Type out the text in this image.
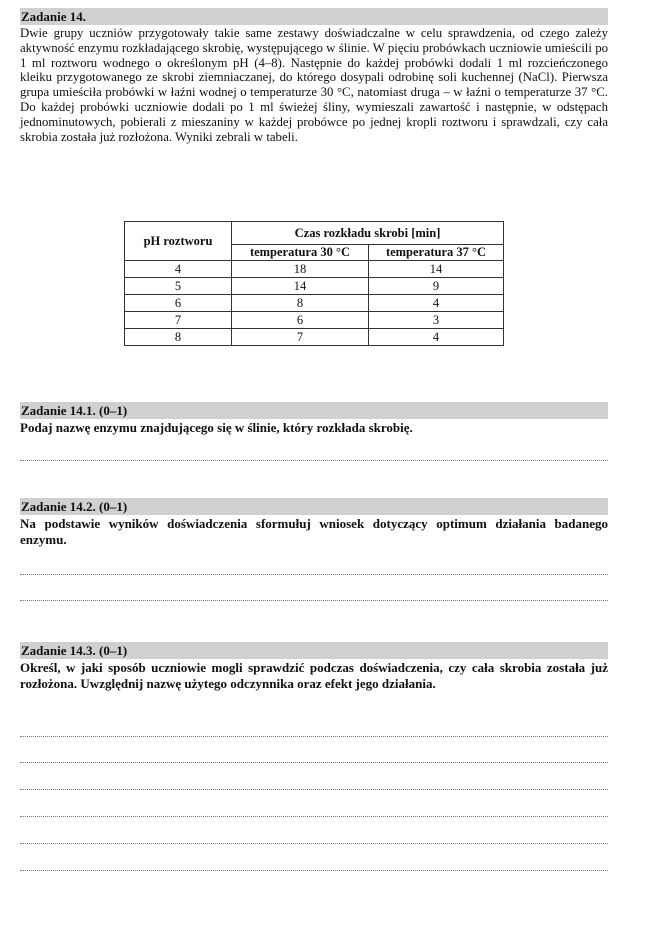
Zadanie 14.
Dwie grupy uczniów przygotowały takie same zestawy doświadczalne w celu sprawdzenia, od czego zależy aktywność enzymu rozkładającego skrobię, występującego w ślinie. W pięciu probówkach uczniowie umieścili po 1 ml roztworu wodnego o określonym pH (4–8). Następnie do każdej probówki dodali 1 ml rozcieńczonego kleiku przygotowanego ze skrobi ziemniaczanej, do którego dosypali odrobinę soli kuchennej (NaCl). Pierwsza grupa umieściła probówki w łaźni wodnej o temperaturze 30 °C, natomiast druga – w łaźni o temperaturze 37 °C. Do każdej probówki uczniowie dodali po 1 ml świeżej śliny, wymieszali zawartość i następnie, w odstępach jednominutowych, pobierali z mieszaniny w każdej probówce po jednej kropli roztworu i sprawdzali, czy cała skrobia została już rozłożona. Wyniki zebrali w tabeli.
pH roztworu	Czas rozkładu skrobi [min]	
	temperatura 30 °C	temperatura 37 °C
4	18	14
5	14	9
6	8	4
7	6	3
8	7	4
Zadanie 14.1. (0–1)
Podaj nazwę enzymu znajdującego się w ślinie, który rozkłada skrobię.
Zadanie 14.2. (0–1)
Na podstawie wyników doświadczenia sformułuj wniosek dotyczący optimum działania badanego enzymu.
Zadanie 14.3. (0–1)
Określ, w jaki sposób uczniowie mogli sprawdzić podczas doświadczenia, czy cała skrobia została już rozłożona. Uwzględnij nazwę użytego odczynnika oraz efekt jego działania.
